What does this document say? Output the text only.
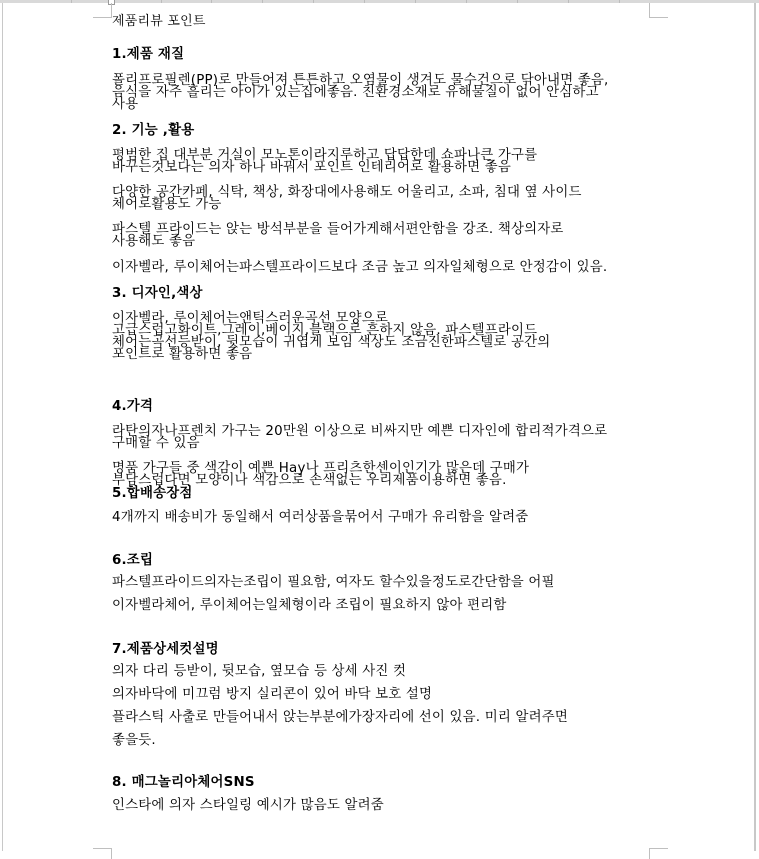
제품리뷰 포인트
1.제품 재질
폴리프로필렌(PP)로 만들어져 튼튼하고 오염물이 생겨도 물수건으로 닦아내면 좋음,
음식을 자주 흘리는 아이가 있는집에좋음. 친환경소재로 유해물질이 없어 안심하고
사용
2. 기능 ,활용
평범한 집 대부분 거실이 모노톤이라지루하고 답답한데 쇼파나큰 가구를
바꾸는것보다는 의자 하나 바꿔서 포인트 인테리어로 활용하면 좋음
다양한 공간카페, 식탁, 책상, 화장대에사용해도 어울리고, 소파, 침대 옆 사이드
체어로활용도 가능
파스텔 프라이드는 앉는 방석부분을 들어가게해서편안함을 강조. 책상의자로
사용해도 좋음
이자벨라, 루이체어는파스텔프라이드보다 조금 높고 의자일체형으로 안정감이 있음.
3. 디자인,색상
이자벨라, 루이체어는앤틱스러운곡선 모양으로
고급스럽고화이트,그레이,베이지,블랙으로 흔하지 않음. 파스텔프라이드
체어는곡선등받이, 뒷모습이 귀엽게 보임 색상도 조금진한파스텔로 공간의
포인트로 활용하면 좋음
4.가격
라탄의자나프렌치 가구는 20만원 이상으로 비싸지만 예쁜 디자인에 합리적가격으로
구매할 수 있음
명품 가구들 중 색감이 예쁜 Hay나 프리츠한센이인기가 많은데 구매가
부담스럽다면 모양이나 색감으로 손색없는 우리제품이용하면 좋음.
5.합배송장점
4개까지 배송비가 동일해서 여러상품을묶어서 구매가 유리함을 알려줌
6.조립
파스텔프라이드의자는조립이 필요함, 여자도 할수있을정도로간단함을 어필
이자벨라체어, 루이체어는일체형이라 조립이 필요하지 않아 편리함
7.제품상세컷설명
의자 다리 등받이, 뒷모습, 옆모습 등 상세 사진 컷
의자바닥에 미끄럼 방지 실리콘이 있어 바닥 보호 설명
플라스틱 사출로 만들어내서 앉는부분에가장자리에 선이 있음. 미리 알려주면
좋을듯.
8. 매그놀리아체어SNS
인스타에 의자 스타일링 예시가 많음도 알려줌
